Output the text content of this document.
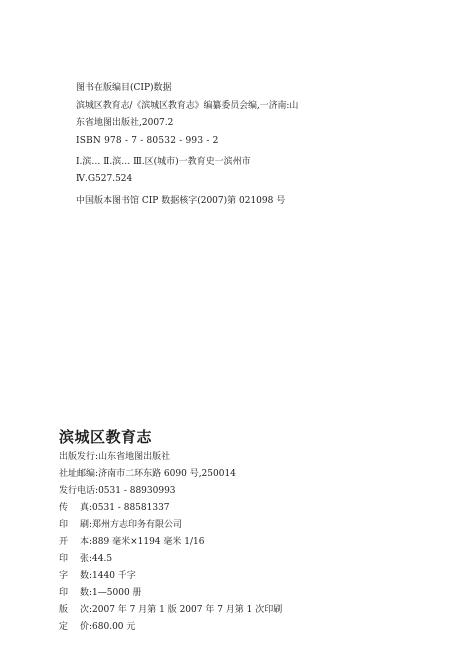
图书在版编目(CIP)数据
滨城区教育志/《滨城区教育志》编纂委员会编,一济南:山
东省地图出版社,2007.2
ISBN 978 - 7 - 80532 - 993 - 2
Ⅰ.滨… Ⅱ.滨… Ⅲ.区(城市)一教育史一滨州市
Ⅳ.G527.524
中国版本图书馆 CIP 数据核字(2007)第 021098 号
滨城区教育志
出版发行 : 山东省地图出版社
社址邮编 : 济南市二环东路 6090 号,250014
发行电话 : 0531 - 88930993
传真 : 0531 - 88581337
印刷 : 郑州方志印务有限公司
开本 : 889 毫米×1194 毫米 1/16
印张 : 44.5
字数 : 1440 千字
印数 : 1—5000 册
版次 : 2007 年 7 月第 1 版 2007 年 7 月第 1 次印刷
定价 : 680.00 元
